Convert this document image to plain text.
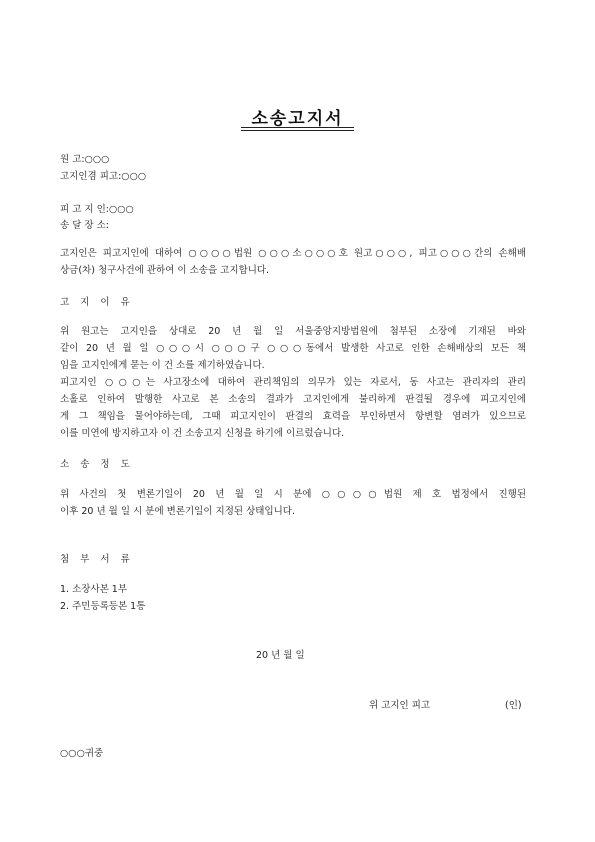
소송고지서
원 고:○○○
고지인겸 피고:○○○
피 고 지 인:○○○
송 달 장 소:
고지인은 피고지인에 대하여 ○○○○법원 ○○○소○○○호 원고○○○, 피고○○○간의 손해배
상금(차) 청구사건에 관하여 이 소송을 고지합니다.
고 지 이 유
위 원고는 고지인을 상대로 20 년 월 일 서울중앙지방법원에 첨부된 소장에 기재된 바와
같이 20 년 월 일 ○○○시 ○○○구 ○○○동에서 발생한 사고로 인한 손해배상의 모든 책
임을 고지인에게 묻는 이 건 소를 제기하였습니다.
피고지인 ○○○는 사고장소에 대하여 관리책임의 의무가 있는 자로서, 동 사고는 관리자의 관리
소홀로 인하여 발행한 사고로 본 소송의 결과가 고지인에게 불리하게 판결될 경우에 피고지인에
게 그 책임을 물어야하는데, 그때 피고지인이 판결의 효력을 부인하면서 항변할 염려가 있으므로
이를 미연에 방지하고자 이 건 소송고지 신청을 하기에 이르렀습니다.
소 송 정 도
위 사건의 첫 변론기일이 20 년 월 일 시 분에 ○○○○법원 제 호 법정에서 진행된
이후 20 년 월 일 시 분에 변론기일이 지정된 상태입니다.
첨 부 서 류
1. 소장사본 1부
2. 주민등록등본 1통
20 년 월 일
위 고지인 피고	(인)
○○○귀중
